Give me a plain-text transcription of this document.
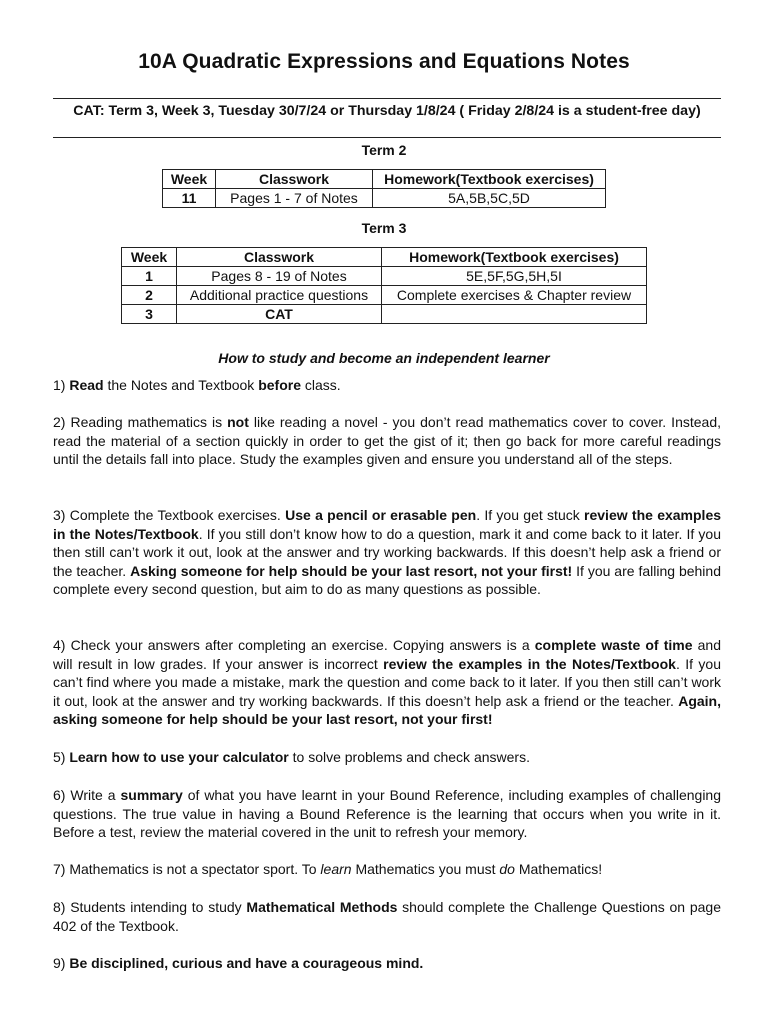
10A Quadratic Expressions and Equations Notes
CAT: Term 3, Week 3, Tuesday 30/7/24 or Thursday 1/8/24 ( Friday 2/8/24 is a student-free day)
Term 2
Week	Classwork	Homework(Textbook exercises)
11	Pages 1 - 7 of Notes	5A,5B,5C,5D
Term 3
Week	Classwork	Homework(Textbook exercises)
1	Pages 8 - 19 of Notes	5E,5F,5G,5H,5I
2	Additional practice questions	Complete exercises & Chapter review
3	CAT	
How to study and become an independent learner
1) Read the Notes and Textbook before class.
2) Reading mathematics is not like reading a novel - you don’t read mathematics cover to cover. Instead, read the material of a section quickly in order to get the gist of it; then go back for more careful readings until the details fall into place. Study the examples given and ensure you understand all of the steps.
3) Complete the Textbook exercises. Use a pencil or erasable pen. If you get stuck review the examples in the Notes/Textbook. If you still don’t know how to do a question, mark it and come back to it later. If you then still can’t work it out, look at the answer and try working backwards. If this doesn’t help ask a friend or the teacher. Asking someone for help should be your last resort, not your first! If you are falling behind complete every second question, but aim to do as many questions as possible.
4) Check your answers after completing an exercise. Copying answers is a complete waste of time and will result in low grades. If your answer is incorrect review the examples in the Notes/Textbook. If you can’t find where you made a mistake, mark the question and come back to it later. If you then still can’t work it out, look at the answer and try working backwards. If this doesn’t help ask a friend or the teacher. Again, asking someone for help should be your last resort, not your first!
5) Learn how to use your calculator to solve problems and check answers.
6) Write a summary of what you have learnt in your Bound Reference, including examples of challenging questions. The true value in having a Bound Reference is the learning that occurs when you write in it. Before a test, review the material covered in the unit to refresh your memory.
7) Mathematics is not a spectator sport. To learn Mathematics you must do Mathematics!
8) Students intending to study Mathematical Methods should complete the Challenge Questions on page 402 of the Textbook.
9) Be disciplined, curious and have a courageous mind.
